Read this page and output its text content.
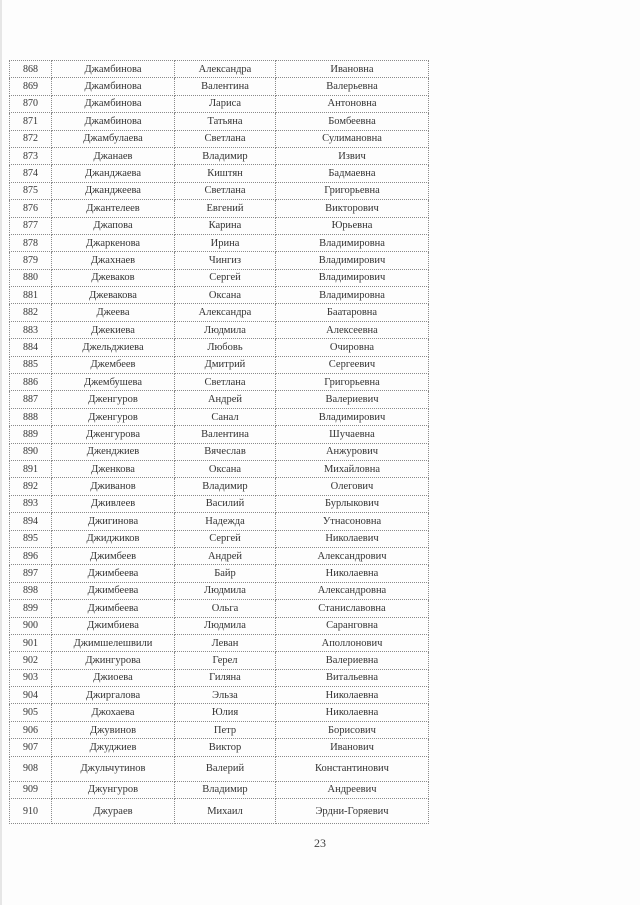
868	Джамбинова	Александра	Ивановна
869	Джамбинова	Валентина	Валерьевна
870	Джамбинова	Лариса	Антоновна
871	Джамбинова	Татьяна	Бомбеевна
872	Джамбулаева	Светлана	Сулимановна
873	Джанаев	Владимир	Извич
874	Джанджаева	Киштян	Бадмаевна
875	Джанджеева	Светлана	Григорьевна
876	Джантелеев	Евгений	Викторович
877	Джапова	Карина	Юрьевна
878	Джаркенова	Ирина	Владимировна
879	Джахнаев	Чингиз	Владимирович
880	Джеваков	Сергей	Владимирович
881	Джевакова	Оксана	Владимировна
882	Джеева	Александра	Баатаровна
883	Джекиева	Людмила	Алексеевна
884	Джельджиева	Любовь	Очировна
885	Джембеев	Дмитрий	Сергеевич
886	Джембушева	Светлана	Григорьевна
887	Дженгуров	Андрей	Валериевич
888	Дженгуров	Санал	Владимирович
889	Дженгурова	Валентина	Шучаевна
890	Дженджиев	Вячеслав	Анжурович
891	Дженкова	Оксана	Михайловна
892	Дживанов	Владимир	Олегович
893	Дживлеев	Василий	Бурлыкович
894	Джигинова	Надежда	Утнасоновна
895	Джиджиков	Сергей	Николаевич
896	Джимбеев	Андрей	Александрович
897	Джимбеева	Байр	Николаевна
898	Джимбеева	Людмила	Александровна
899	Джимбеева	Ольга	Станиславовна
900	Джимбиева	Людмила	Саранговна
901	Джимшелешвили	Леван	Аполлонович
902	Джингурова	Герел	Валериевна
903	Джиоева	Гиляна	Витальевна
904	Джиргалова	Эльза	Николаевна
905	Джохаева	Юлия	Николаевна
906	Джувинов	Петр	Борисович
907	Джуджиев	Виктор	Иванович
908	Джульчутинов	Валерий	Константинович
909	Джунгуров	Владимир	Андреевич
910	Джураев	Михаил	Эрдни-Горяевич
23
